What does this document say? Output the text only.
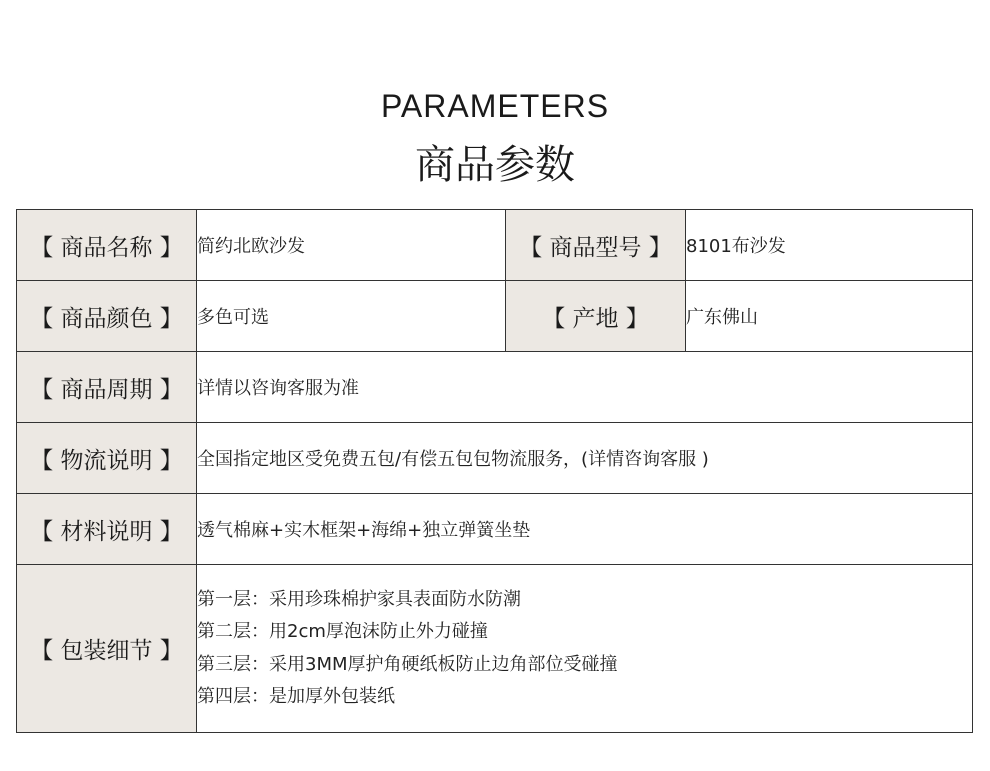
PARAMETERS
商品参数
【 商品名称 】	简约北欧沙发	【 商品型号 】	8101布沙发
【 商品颜色 】	多色可选	【 产地 】	广东佛山
【 商品周期 】	详情以咨询客服为准		
【 物流说明 】	全国指定地区受免费五包/有偿五包包物流服务，(详情咨询客服 )		
【 材料说明 】	透气棉麻+实木框架+海绵+独立弹簧坐垫		
【 包装细节 】	第一层：采用珍珠棉护家具表面防水防潮
第二层：用2cm厚泡沫防止外力碰撞
第三层：采用3MM厚护角硬纸板防止边角部位受碰撞
第四层：是加厚外包装纸		
